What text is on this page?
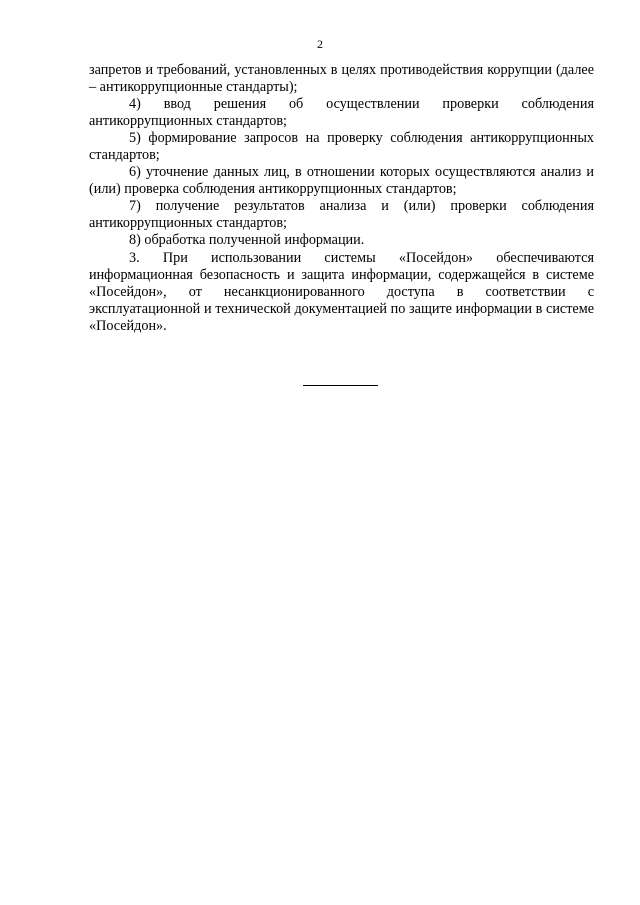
2

запретов и требований, установленных в целях противодействия коррупции (далее – антикоррупционные стандарты);

4) ввод решения об осуществлении проверки соблюдения антикоррупционных стандартов;

5) формирование запросов на проверку соблюдения антикоррупционных стандартов;

6) уточнение данных лиц, в отношении которых осуществляются анализ и (или) проверка соблюдения антикоррупционных стандартов;

7) получение результатов анализа и (или) проверки соблюдения антикоррупционных стандартов;

8) обработка полученной информации.

3. При использовании системы «Посейдон» обеспечиваются информационная безопасность и защита информации, содержащейся в системе «Посейдон», от несанкционированного доступа в соответствии с эксплуатационной и технической документацией по защите информации в системе «Посейдон».
